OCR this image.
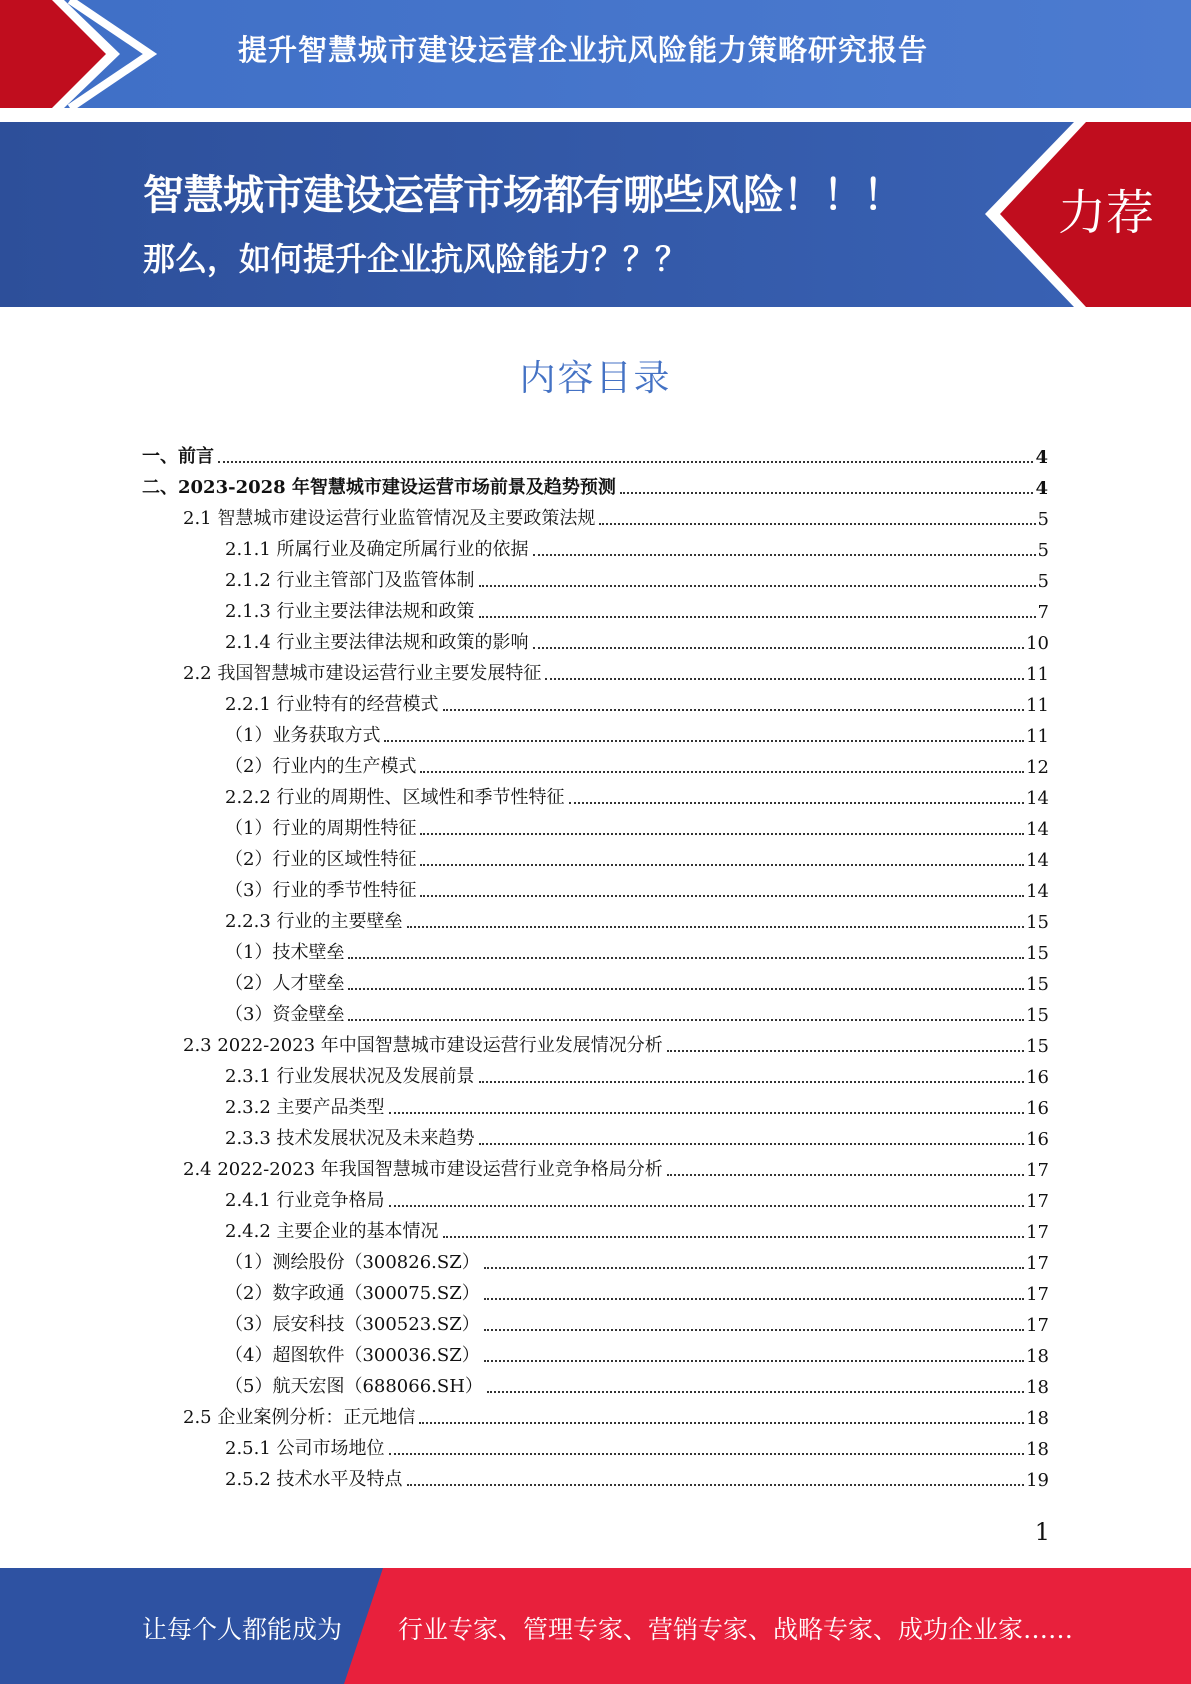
提升智慧城市建设运营企业抗风险能力策略研究报告
智慧城市建设运营市场都有哪些风险！！！
那么，如何提升企业抗风险能力？？？
力荐
内容目录
一、前言	4
二、2023-2028 年智慧城市建设运营市场前景及趋势预测	4
2.1 智慧城市建设运营行业监管情况及主要政策法规	5
2.1.1 所属行业及确定所属行业的依据	5
2.1.2 行业主管部门及监管体制	5
2.1.3 行业主要法律法规和政策	7
2.1.4 行业主要法律法规和政策的影响	10
2.2 我国智慧城市建设运营行业主要发展特征	11
2.2.1 行业特有的经营模式	11
（1）业务获取方式	11
（2）行业内的生产模式	12
2.2.2 行业的周期性、区域性和季节性特征	14
（1）行业的周期性特征	14
（2）行业的区域性特征	14
（3）行业的季节性特征	14
2.2.3 行业的主要壁垒	15
（1）技术壁垒	15
（2）人才壁垒	15
（3）资金壁垒	15
2.3 2022-2023 年中国智慧城市建设运营行业发展情况分析	15
2.3.1 行业发展状况及发展前景	16
2.3.2 主要产品类型	16
2.3.3 技术发展状况及未来趋势	16
2.4 2022-2023 年我国智慧城市建设运营行业竞争格局分析	17
2.4.1 行业竞争格局	17
2.4.2 主要企业的基本情况	17
（1）测绘股份（300826.SZ）	17
（2）数字政通（300075.SZ）	17
（3）辰安科技（300523.SZ）	17
（4）超图软件（300036.SZ）	18
（5）航天宏图（688066.SH）	18
2.5 企业案例分析：正元地信	18
2.5.1 公司市场地位	18
2.5.2 技术水平及特点	19
1
让每个人都能成为 行业专家、管理专家、营销专家、战略专家、成功企业家……
